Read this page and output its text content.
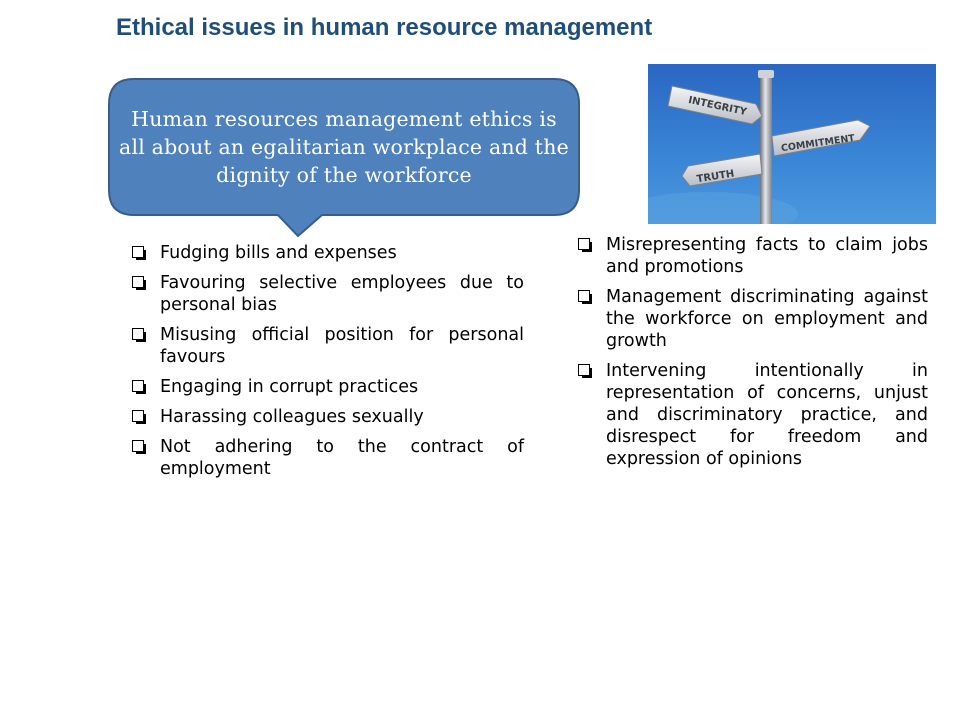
Ethical issues in human resource management
Human resources management ethics is all about an egalitarian workplace and the dignity of the workforce
INTEGRITY
COMMITMENT
TRUTH
Fudging bills and expenses
Favouring selective employees due to personal bias
Misusing official position for personal favours
Engaging in corrupt practices
Harassing colleagues sexually
Not adhering to the contract of employment
Misrepresenting facts to claim jobs and promotions
Management discriminating against the workforce on employment and growth
Intervening intentionally in representation of concerns, unjust and discriminatory practice, and disrespect for freedom and expression of opinions
